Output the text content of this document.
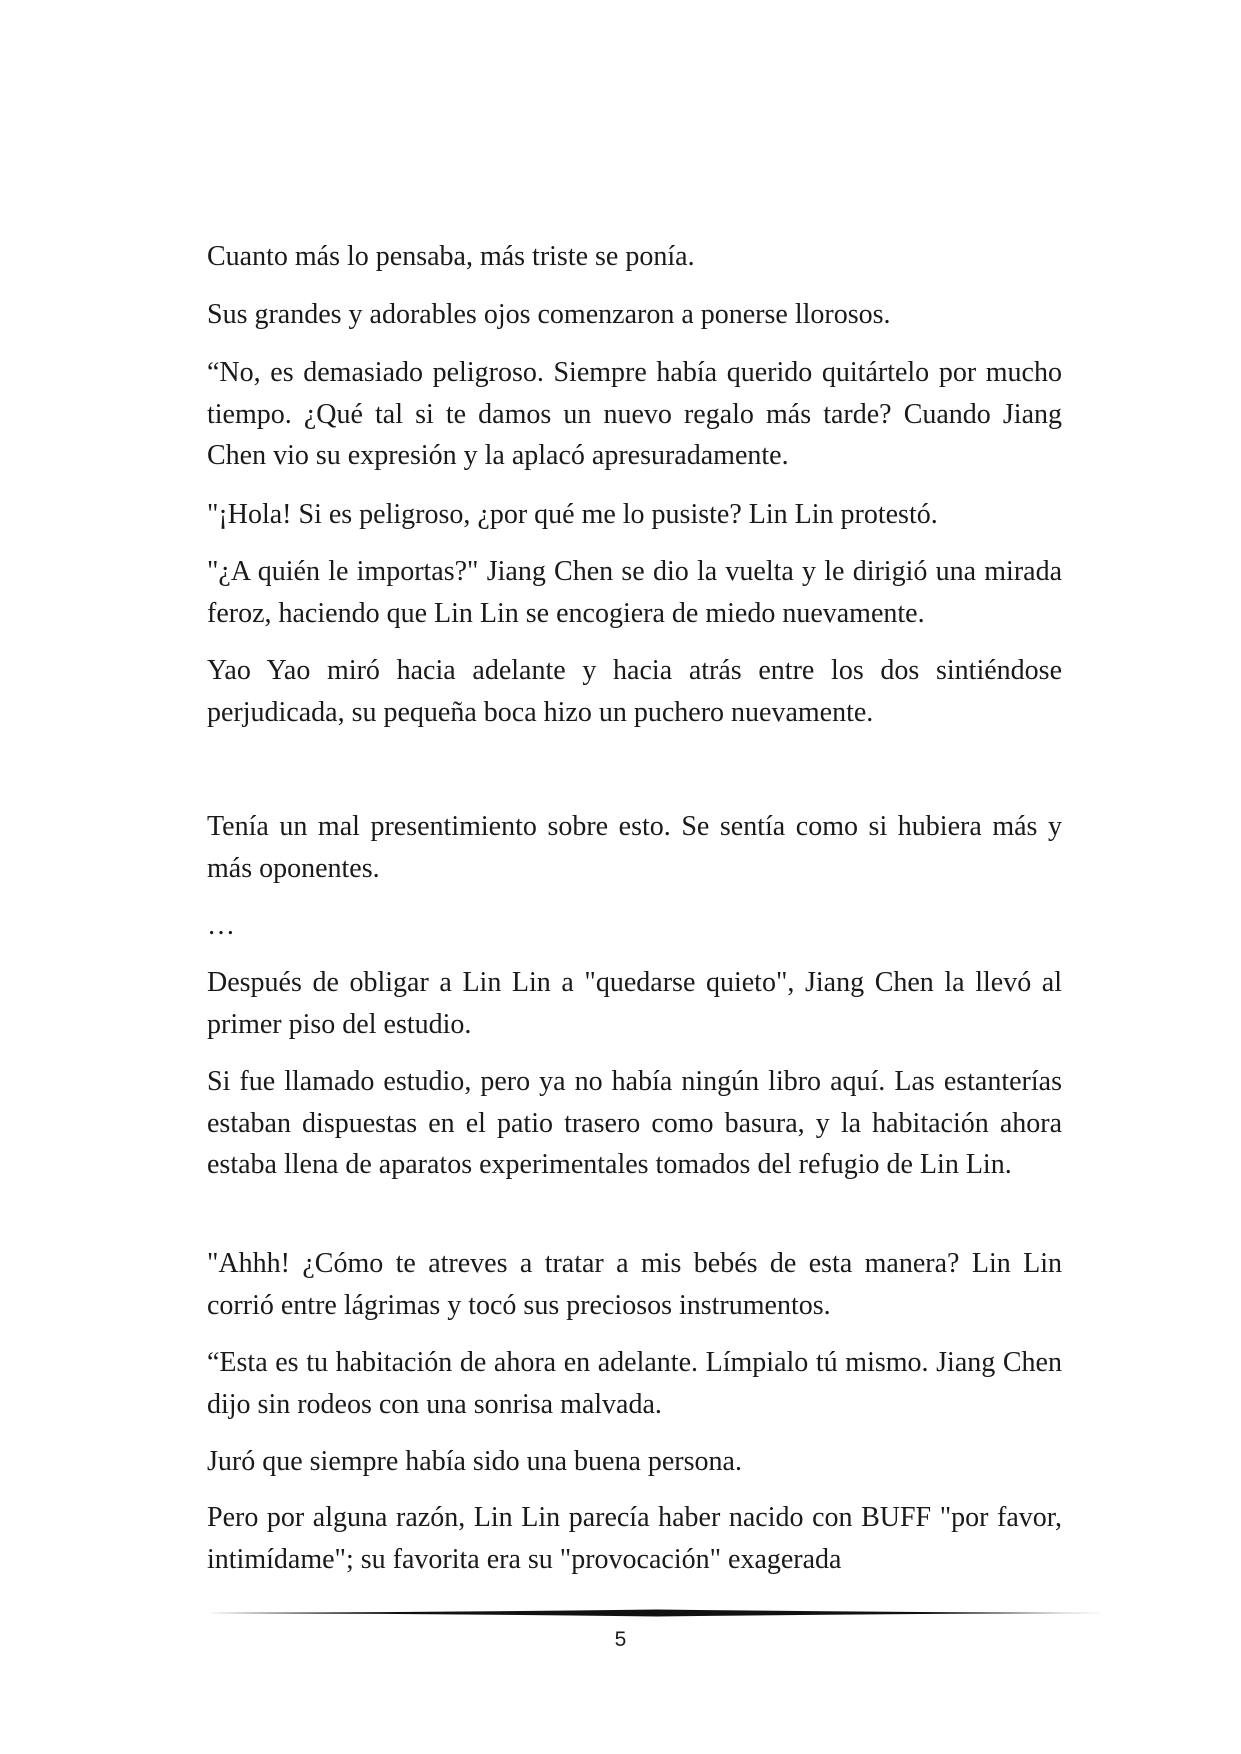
Cuanto más lo pensaba, más triste se ponía.

Sus grandes y adorables ojos comenzaron a ponerse llorosos.

“No, es demasiado peligroso. Siempre había querido quitártelo por mucho tiempo. ¿Qué tal si te damos un nuevo regalo más tarde? Cuando Jiang Chen vio su expresión y la aplacó apresuradamente.

"¡Hola! Si es peligroso, ¿por qué me lo pusiste? Lin Lin protestó.

"¿A quién le importas?" Jiang Chen se dio la vuelta y le dirigió una mirada feroz, haciendo que Lin Lin se encogiera de miedo nuevamente.

Yao Yao miró hacia adelante y hacia atrás entre los dos sintiéndose perjudicada, su pequeña boca hizo un puchero nuevamente.

Tenía un mal presentimiento sobre esto. Se sentía como si hubiera más y más oponentes.

…

Después de obligar a Lin Lin a "quedarse quieto", Jiang Chen la llevó al primer piso del estudio.

Si fue llamado estudio, pero ya no había ningún libro aquí. Las estanterías estaban dispuestas en el patio trasero como basura, y la habitación ahora estaba llena de aparatos experimentales tomados del refugio de Lin Lin.

"Ahhh! ¿Cómo te atreves a tratar a mis bebés de esta manera? Lin Lin corrió entre lágrimas y tocó sus preciosos instrumentos.

“Esta es tu habitación de ahora en adelante. Límpialo tú mismo. Jiang Chen dijo sin rodeos con una sonrisa malvada.

Juró que siempre había sido una buena persona.

Pero por alguna razón, Lin Lin parecía haber nacido con BUFF "por favor, intimídame"; su favorita era su "provocación" exagerada

5
